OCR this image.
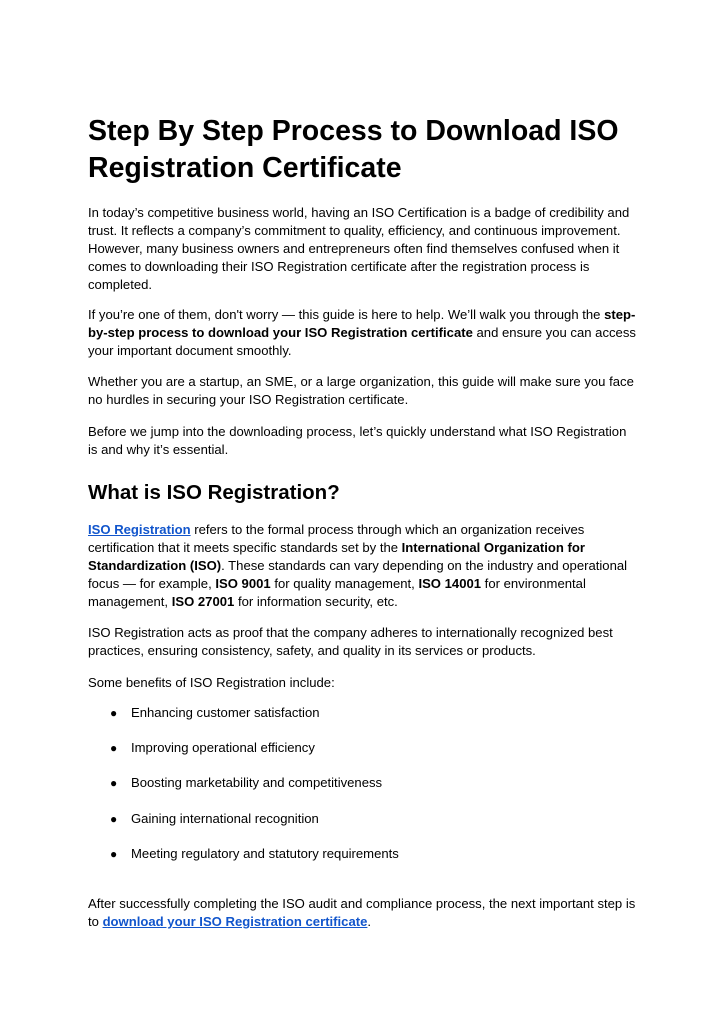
Step By Step Process to Download ISO Registration Certificate

In today’s competitive business world, having an ISO Certification is a badge of credibility and trust. It reflects a company’s commitment to quality, efficiency, and continuous improvement. However, many business owners and entrepreneurs often find themselves confused when it comes to downloading their ISO Registration certificate after the registration process is completed.

If you’re one of them, don't worry — this guide is here to help. We’ll walk you through the step-by-step process to download your ISO Registration certificate and ensure you can access your important document smoothly.

Whether you are a startup, an SME, or a large organization, this guide will make sure you face no hurdles in securing your ISO Registration certificate.

Before we jump into the downloading process, let’s quickly understand what ISO Registration is and why it’s essential.

What is ISO Registration?

ISO Registration refers to the formal process through which an organization receives certification that it meets specific standards set by the International Organization for Standardization (ISO). These standards can vary depending on the industry and operational focus — for example, ISO 9001 for quality management, ISO 14001 for environmental management, ISO 27001 for information security, etc.

ISO Registration acts as proof that the company adheres to internationally recognized best practices, ensuring consistency, safety, and quality in its services or products.

Some benefits of ISO Registration include:

● Enhancing customer satisfaction
● Improving operational efficiency
● Boosting marketability and competitiveness
● Gaining international recognition
● Meeting regulatory and statutory requirements

After successfully completing the ISO audit and compliance process, the next important step is to download your ISO Registration certificate.
